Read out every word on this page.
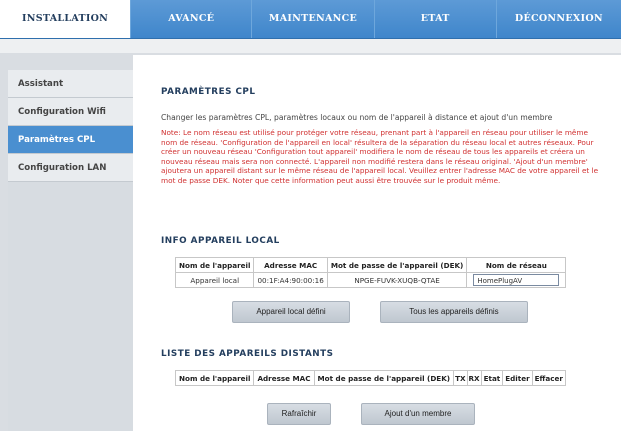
INSTALLATION	AVANCÉ	MAINTENANCE	ETAT	DÉCONNEXION
Assistant
Configuration Wifi
Paramètres CPL
Configuration LAN
PARAMÈTRES CPL
Changer les paramètres CPL, paramètres locaux ou nom de l'appareil à distance et ajout d'un membre
Note: Le nom réseau est utilisé pour protéger votre réseau, prenant part à l'appareil en réseau pour utiliser le même nom de réseau. 'Configuration de l'appareil en local' résultera de la séparation du réseau local et autres réseaux. Pour créer un nouveau réseau 'Configuration tout appareil' modifiera le nom de réseau de tous les appareils et créera un nouveau réseau mais sera non connecté. L'appareil non modifié restera dans le réseau original. 'Ajout d'un membre' ajoutera un appareil distant sur le même réseau de l'appareil local. Veuillez entrer l'adresse MAC de votre appareil et le mot de passe DEK. Noter que cette information peut aussi être trouvée sur le produit même.
INFO APPAREIL LOCAL
Nom de l'appareil	Adresse MAC	Mot de passe de l'appareil (DEK)	Nom de réseau
Appareil local	00:1F:A4:90:00:16	NPGE-FUVK-XUQB-QTAE	HomePlugAV
Appareil local défini	Tous les appareils définis
LISTE DES APPAREILS DISTANTS
Nom de l'appareil	Adresse MAC	Mot de passe de l'appareil (DEK)	TX	RX	Etat	Editer	Effacer
Rafraîchir	Ajout d'un membre
